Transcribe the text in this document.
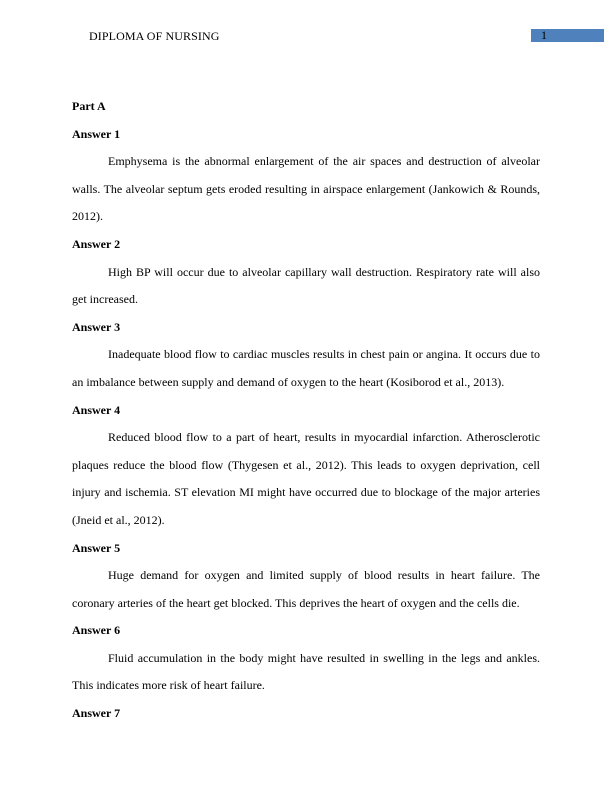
DIPLOMA OF NURSING	1

Part A

Answer 1

Emphysema is the abnormal enlargement of the air spaces and destruction of alveolar walls. The alveolar septum gets eroded resulting in airspace enlargement (Jankowich & Rounds, 2012).

Answer 2

High BP will occur due to alveolar capillary wall destruction. Respiratory rate will also get increased.

Answer 3

Inadequate blood flow to cardiac muscles results in chest pain or angina. It occurs due to an imbalance between supply and demand of oxygen to the heart (Kosiborod et al., 2013).

Answer 4

Reduced blood flow to a part of heart, results in myocardial infarction. Atherosclerotic plaques reduce the blood flow (Thygesen et al., 2012). This leads to oxygen deprivation, cell injury and ischemia. ST elevation MI might have occurred due to blockage of the major arteries (Jneid et al., 2012).

Answer 5

Huge demand for oxygen and limited supply of blood results in heart failure. The coronary arteries of the heart get blocked. This deprives the heart of oxygen and the cells die.

Answer 6

Fluid accumulation in the body might have resulted in swelling in the legs and ankles. This indicates more risk of heart failure.

Answer 7
